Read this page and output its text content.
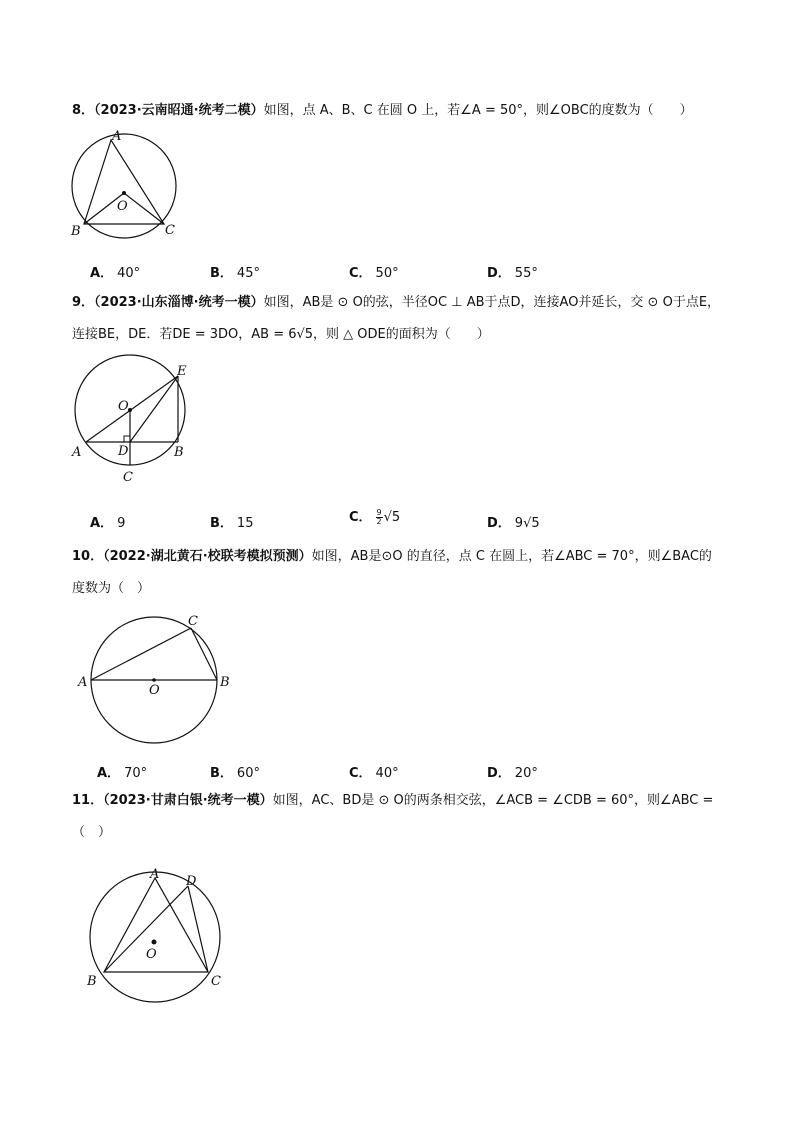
8．（2023·云南昭通·统考二模）如图，点 A、B、C 在圆 O 上，若∠A = 50°，则∠OBC的度数为（　　）
A
B	C
O
A． 40°	B． 45°	C． 50°	D． 55°
9．（2023·山东淄博·统考一模）如图，AB是 ⊙ O的弦，半径OC ⊥ AB于点D，连接AO并延长，交 ⊙ O于点E，
连接BE，DE．若DE = 3DO，AB = 6√5，则 △ ODE的面积为（　　）
O
E
A	D	B
C
A． 9	B． 15	C． $\frac{9}{2} √5$	D． 9√5
10．（2022·湖北黄石·校联考模拟预测）如图，AB是⊙O 的直径，点 C 在圆上，若∠ABC = 70°，则∠BAC的
度数为（　）
A	B
C
O
A． 70°	B． 60°	C． 40°	D． 20°
11．（2023·甘肃白银·统考一模）如图，AC、BD是 ⊙ O的两条相交弦，∠ACB = ∠CDB = 60°，则∠ABC =
（　）
A D
B	C
O
